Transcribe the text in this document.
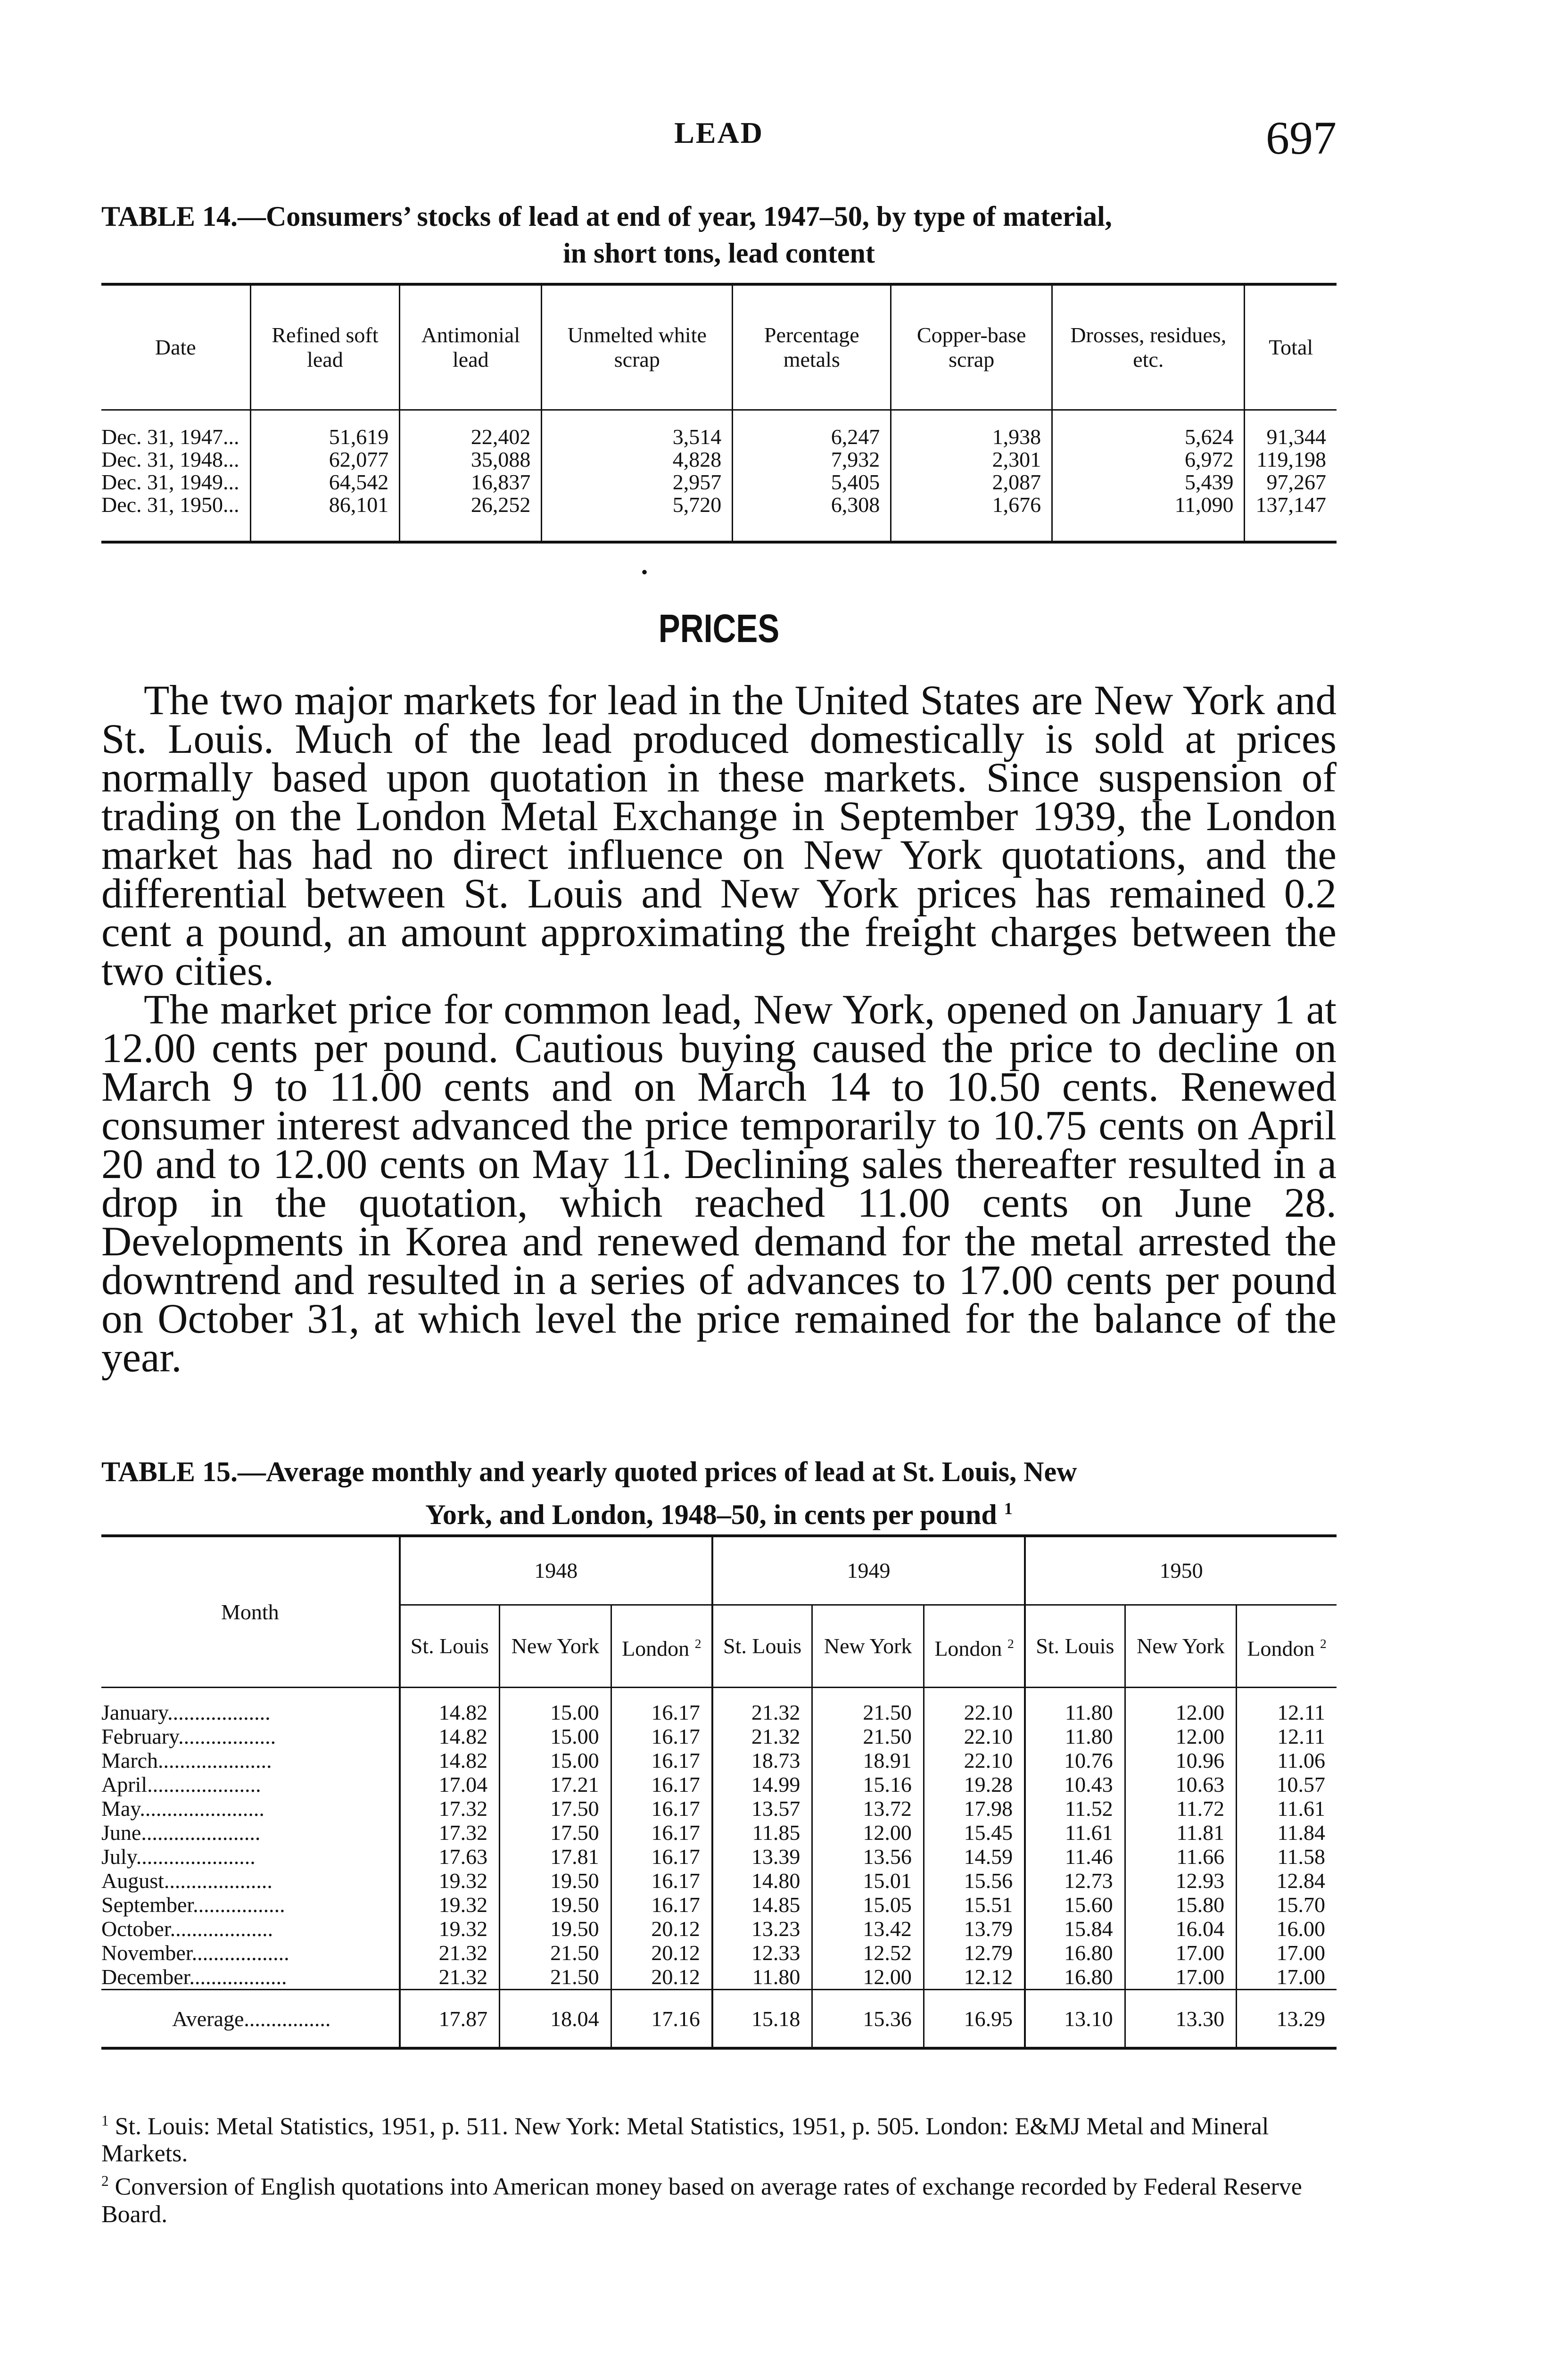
LEAD	697
TABLE 14.—Consumers’ stocks of lead at end of year, 1947–50, by type of material,
in short tons, lead content
Date	Refined soft lead	Antimonial lead	Unmelted white scrap	Percentage metals	Copper-base scrap	Drosses, residues, etc.	Total
Dec. 31, 1947...	51,619	22,402	3,514	6,247	1,938	5,624	91,344
Dec. 31, 1948...	62,077	35,088	4,828	7,932	2,301	6,972	119,198
Dec. 31, 1949...	64,542	16,837	2,957	5,405	2,087	5,439	97,267
Dec. 31, 1950...	86,101	26,252	5,720	6,308	1,676	11,090	137,147
•
PRICES

The two major markets for lead in the United States are New York and St. Louis. Much of the lead produced domestically is sold at prices normally based upon quotation in these markets. Since suspension of trading on the London Metal Exchange in September 1939, the London market has had no direct influence on New York quotations, and the differential between St. Louis and New York prices has remained 0.2 cent a pound, an amount approximating the freight charges between the two cities.

The market price for common lead, New York, opened on January 1 at 12.00 cents per pound. Cautious buying caused the price to decline on March 9 to 11.00 cents and on March 14 to 10.50 cents. Renewed consumer interest advanced the price temporarily to 10.75 cents on April 20 and to 12.00 cents on May 11. Declining sales thereafter resulted in a drop in the quotation, which reached 11.00 cents on June 28. Developments in Korea and renewed demand for the metal arrested the downtrend and resulted in a series of advances to 17.00 cents per pound on October 31, at which level the price remained for the balance of the year.

TABLE 15.—Average monthly and yearly quoted prices of lead at St. Louis, New
York, and London, 1948–50, in cents per pound $^1$
Month	1948			1949			1950		
	St. Louis	New York	London $^2$	St. Louis	New York	London $^2$	St. Louis	New York	London $^2$
January...................	14.82	15.00	16.17	21.32	21.50	22.10	11.80	12.00	12.11
February..................	14.82	15.00	16.17	21.32	21.50	22.10	11.80	12.00	12.11
March.....................	14.82	15.00	16.17	18.73	18.91	22.10	10.76	10.96	11.06
April.....................	17.04	17.21	16.17	14.99	15.16	19.28	10.43	10.63	10.57
May.......................	17.32	17.50	16.17	13.57	13.72	17.98	11.52	11.72	11.61
June......................	17.32	17.50	16.17	11.85	12.00	15.45	11.61	11.81	11.84
July......................	17.63	17.81	16.17	13.39	13.56	14.59	11.46	11.66	11.58
August....................	19.32	19.50	16.17	14.80	15.01	15.56	12.73	12.93	12.84
September.................	19.32	19.50	16.17	14.85	15.05	15.51	15.60	15.80	15.70
October...................	19.32	19.50	20.12	13.23	13.42	13.79	15.84	16.04	16.00
November..................	21.32	21.50	20.12	12.33	12.52	12.79	16.80	17.00	17.00
December..................	21.32	21.50	20.12	11.80	12.00	12.12	16.80	17.00	17.00
Average................	17.87	18.04	17.16	15.18	15.36	16.95	13.10	13.30	13.29

$^1$ St. Louis: Metal Statistics, 1951, p. 511. New York: Metal Statistics, 1951, p. 505. London: E&MJ Metal and Mineral Markets.

$^2$ Conversion of English quotations into American money based on average rates of exchange recorded by Federal Reserve Board.
